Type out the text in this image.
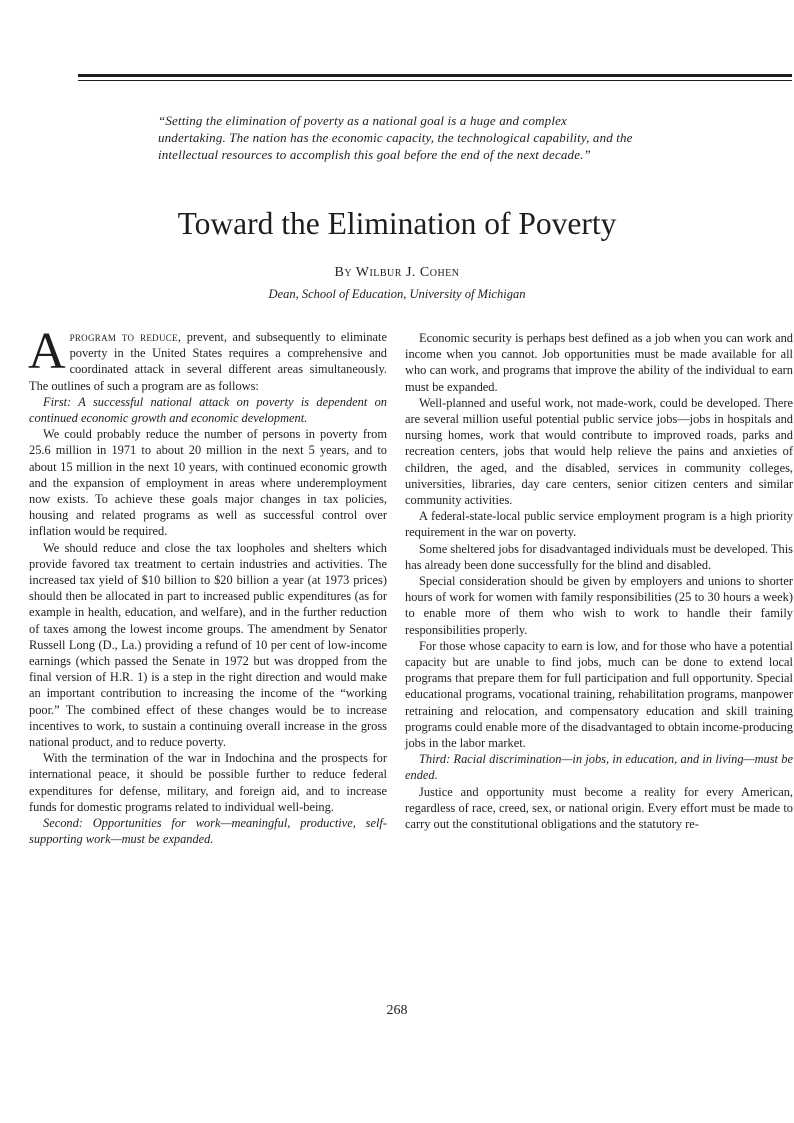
“Setting the elimination of poverty as a national goal is a huge and complex undertaking. The nation has the economic capacity, the technological capability, and the intellectual resources to accomplish this goal before the end of the next decade.”
Toward the Elimination of Poverty
By Wilbur J. Cohen
Dean, School of Education, University of Michigan

Aprogram to reduce, prevent, and subsequently to eliminate poverty in the United States requires a comprehensive and coordinated attack in several different areas simultaneously. The outlines of such a program are as follows:

First: A successful national attack on poverty is dependent on continued economic growth and economic development.

We could probably reduce the number of persons in poverty from 25.6 million in 1971 to about 20 million in the next 5 years, and to about 15 million in the next 10 years, with continued economic growth and the expansion of employment in areas where underemployment now exists. To achieve these goals major changes in tax policies, housing and related programs as well as successful control over inflation would be required.

We should reduce and close the tax loopholes and shelters which provide favored tax treatment to certain industries and activities. The increased tax yield of $10 billion to $20 billion a year (at 1973 prices) should then be allocated in part to increased public expenditures (as for example in health, education, and welfare), and in the further reduction of taxes among the lowest income groups. The amendment by Senator Russell Long (D., La.) providing a refund of 10 per cent of low-income earnings (which passed the Senate in 1972 but was dropped from the final version of H.R. 1) is a step in the right direction and would make an important contribution to increasing the income of the “working poor.” The combined effect of these changes would be to increase incentives to work, to sustain a continuing overall increase in the gross national product, and to reduce poverty.

With the termination of the war in Indochina and the prospects for international peace, it should be possible further to reduce federal expenditures for defense, military, and foreign aid, and to increase funds for domestic programs related to individual well-being.

Second: Opportunities for work—meaningful, productive, self-supporting work—must be expanded.

Economic security is perhaps best defined as a job when you can work and income when you cannot. Job opportunities must be made available for all who can work, and programs that improve the ability of the individual to earn must be expanded.

Well-planned and useful work, not made-work, could be developed. There are several million useful potential public service jobs—jobs in hospitals and nursing homes, work that would contribute to improved roads, parks and recreation centers, jobs that would help relieve the pains and anxieties of children, the aged, and the disabled, services in community colleges, universities, libraries, day care centers, senior citizen centers and similar community activities.

A federal-state-local public service employment program is a high priority requirement in the war on poverty.

Some sheltered jobs for disadvantaged individuals must be developed. This has already been done successfully for the blind and disabled.

Special consideration should be given by employers and unions to shorter hours of work for women with family responsibilities (25 to 30 hours a week) to enable more of them who wish to work to handle their family responsibilities properly.

For those whose capacity to earn is low, and for those who have a potential capacity but are unable to find jobs, much can be done to extend local programs that prepare them for full participation and full opportunity. Special educational programs, vocational training, rehabilitation programs, manpower retraining and relocation, and compensatory education and skill training programs could enable more of the disadvantaged to obtain income-producing jobs in the labor market.

Third: Racial discrimination—in jobs, in education, and in living—must be ended.

Justice and opportunity must become a reality for every American, regardless of race, creed, sex, or national origin. Every effort must be made to carry out the constitutional obligations and the statutory re-

268
